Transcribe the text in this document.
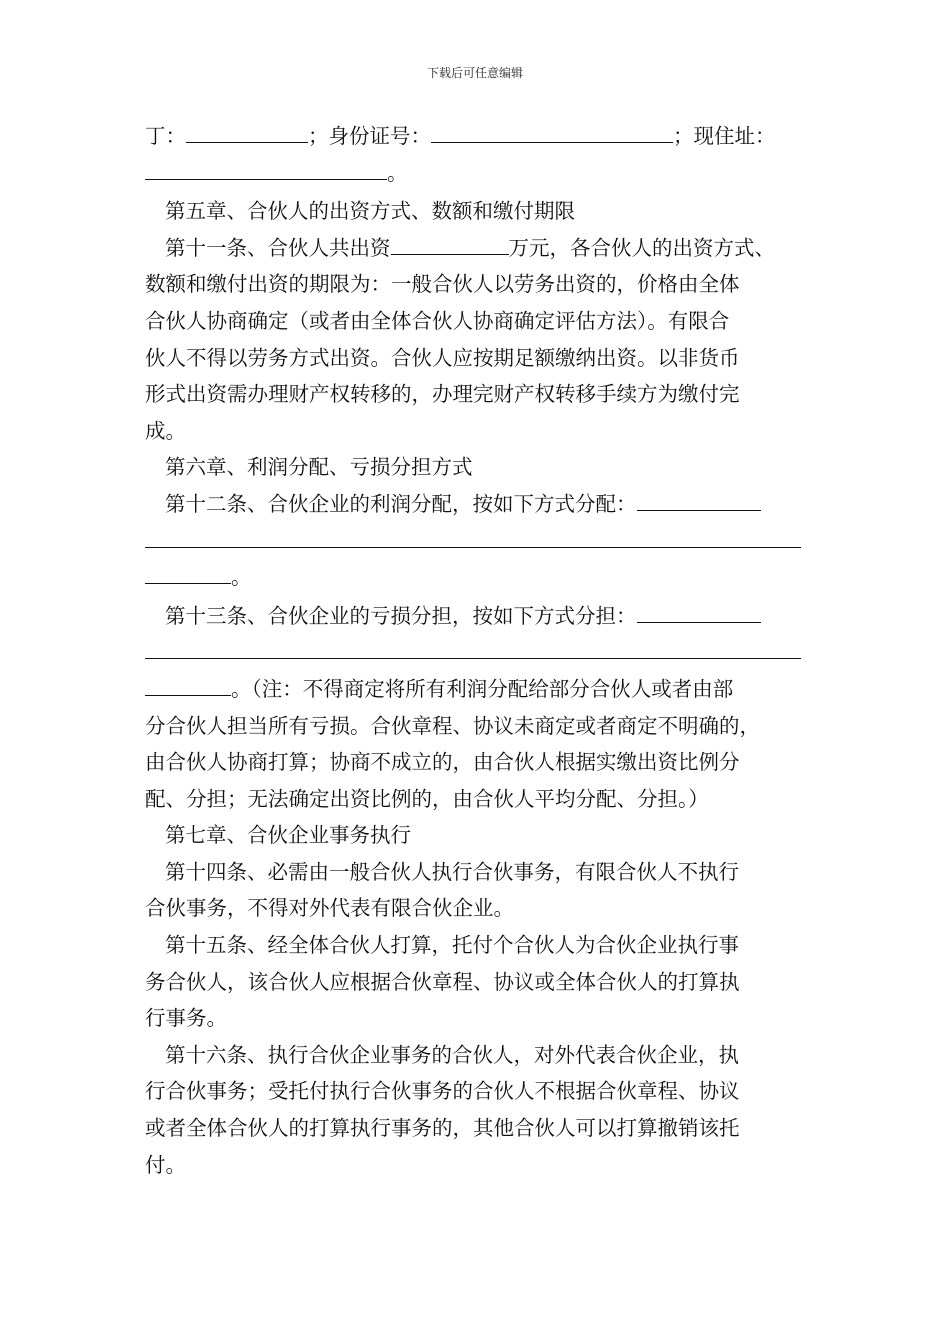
下载后可任意编辑
丁：	；身份证号：	；现住址：
。
第五章、合伙人的出资方式、数额和缴付期限
第十一条、合伙人共出资	万元，各合伙人的出资方式、
数额和缴付出资的期限为：一般合伙人以劳务出资的，价格由全体
合伙人协商确定（或者由全体合伙人协商确定评估方法）。有限合
伙人不得以劳务方式出资。合伙人应按期足额缴纳出资。以非货币
形式出资需办理财产权转移的，办理完财产权转移手续方为缴付完
成。
第六章、利润分配、亏损分担方式
第十二条、合伙企业的利润分配，按如下方式分配：
。
第十三条、合伙企业的亏损分担，按如下方式分担：
。（注：不得商定将所有利润分配给部分合伙人或者由部
分合伙人担当所有亏损。合伙章程、协议未商定或者商定不明确的，
由合伙人协商打算；协商不成立的，由合伙人根据实缴出资比例分
配、分担；无法确定出资比例的，由合伙人平均分配、分担。）
第七章、合伙企业事务执行
第十四条、必需由一般合伙人执行合伙事务，有限合伙人不执行
合伙事务，不得对外代表有限合伙企业。
第十五条、经全体合伙人打算，托付个合伙人为合伙企业执行事
务合伙人，该合伙人应根据合伙章程、协议或全体合伙人的打算执
行事务。
第十六条、执行合伙企业事务的合伙人，对外代表合伙企业，执
行合伙事务；受托付执行合伙事务的合伙人不根据合伙章程、协议
或者全体合伙人的打算执行事务的，其他合伙人可以打算撤销该托
付。
